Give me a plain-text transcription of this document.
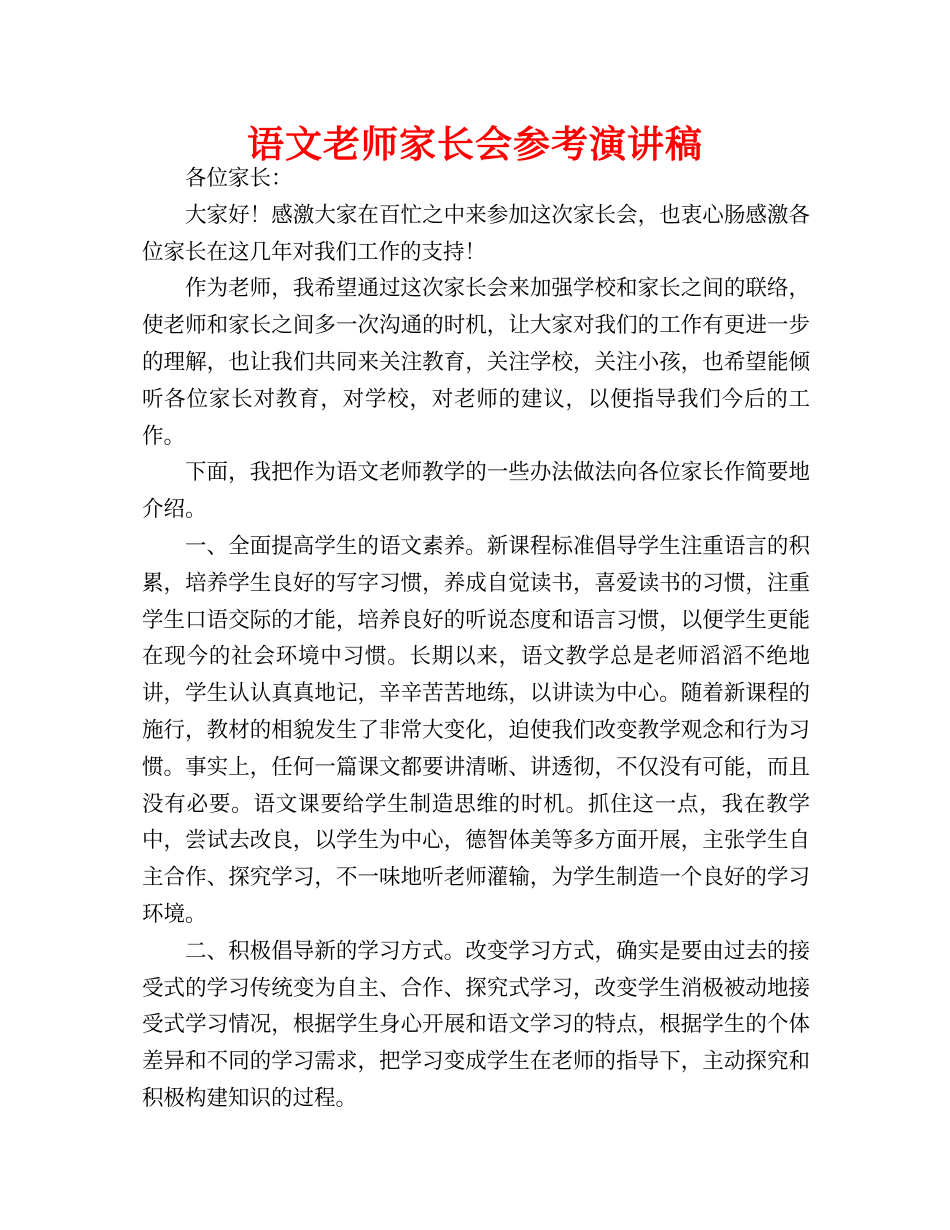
语文老师家长会参考演讲稿

各位家长：

大家好！感激大家在百忙之中来参加这次家长会，也衷心肠感激各位家长在这几年对我们工作的支持！

作为老师，我希望通过这次家长会来加强学校和家长之间的联络，使老师和家长之间多一次沟通的时机，让大家对我们的工作有更进一步的理解，也让我们共同来关注教育，关注学校，关注小孩，也希望能倾听各位家长对教育，对学校，对老师的建议，以便指导我们今后的工作。

下面，我把作为语文老师教学的一些办法做法向各位家长作简要地介绍。

一、全面提高学生的语文素养。新课程标准倡导学生注重语言的积累，培养学生良好的写字习惯，养成自觉读书，喜爱读书的习惯，注重学生口语交际的才能，培养良好的听说态度和语言习惯，以便学生更能在现今的社会环境中习惯。长期以来，语文教学总是老师滔滔不绝地讲，学生认认真真地记，辛辛苦苦地练，以讲读为中心。随着新课程的施行，教材的相貌发生了非常大变化，迫使我们改变教学观念和行为习惯。事实上，任何一篇课文都要讲清晰、讲透彻，不仅没有可能，而且没有必要。语文课要给学生制造思维的时机。抓住这一点，我在教学中，尝试去改良，以学生为中心，德智体美等多方面开展，主张学生自主合作、探究学习，不一味地听老师灌输，为学生制造一个良好的学习环境。

二、积极倡导新的学习方式。改变学习方式，确实是要由过去的接受式的学习传统变为自主、合作、探究式学习，改变学生消极被动地接受式学习情况，根据学生身心开展和语文学习的特点，根据学生的个体差异和不同的学习需求，把学习变成学生在老师的指导下，主动探究和积极构建知识的过程。
